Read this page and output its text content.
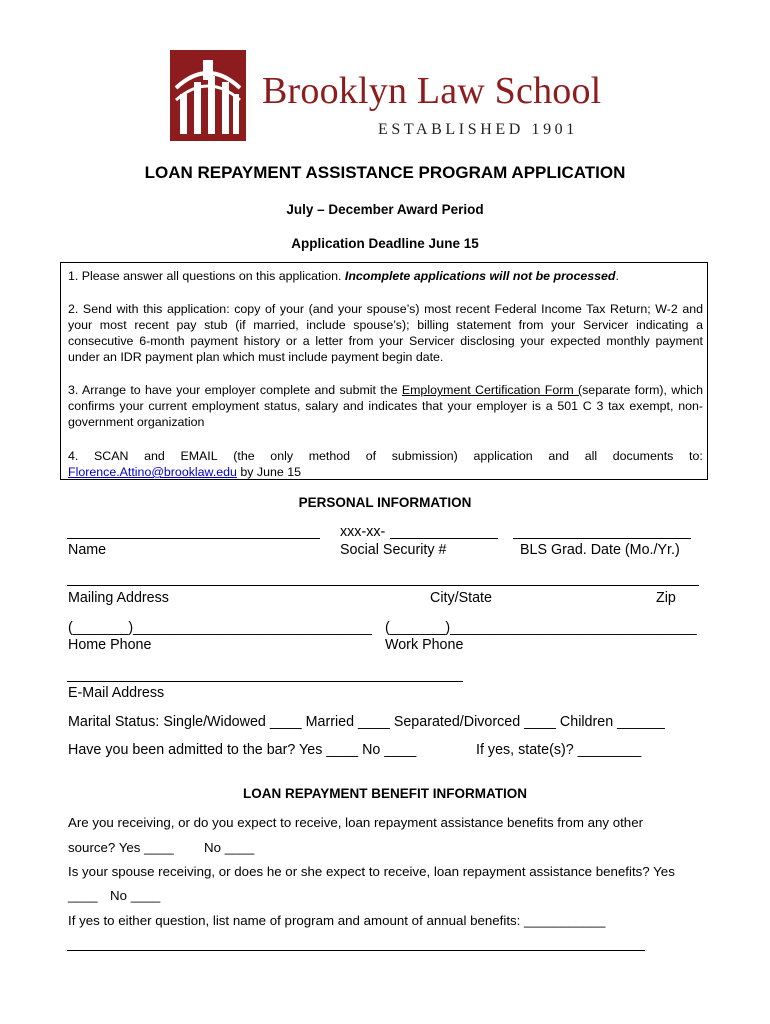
Brooklyn Law School
ESTABLISHED 1901
LOAN REPAYMENT ASSISTANCE PROGRAM APPLICATION
July – December Award Period
Application Deadline June 15

1. Please answer all questions on this application. Incomplete applications will not be processed.

2. Send with this application: copy of your (and your spouse’s) most recent Federal Income Tax Return; W-2 and your most recent pay stub (if married, include spouse’s); billing statement from your Servicer indicating a consecutive 6-month payment history or a letter from your Servicer disclosing your expected monthly payment under an IDR payment plan which must include payment begin date.

3. Arrange to have your employer complete and submit the Employment Certification Form (separate form), which confirms your current employment status, salary and indicates that your employer is a 501 C 3 tax exempt, non-government organization

4. SCAN and EMAIL (the only method of submission) application and all documents to:
Florence.Attino@brooklaw.edu by June 15
PERSONAL INFORMATION
xxx-xx-
Name	Social Security #	BLS Grad. Date (Mo./Yr.)
Mailing Address	City/State	Zip
(_______)______________________________ (_______)_______________________________
Home Phone	Work Phone
E-Mail Address
Marital Status: Single/Widowed ____ Married ____ Separated/Divorced ____ Children ______
Have you been admitted to the bar? Yes ____ No ____	If yes, state(s)? ________
LOAN REPAYMENT BENEFIT INFORMATION
Are you receiving, or do you expect to receive, loan repayment assistance benefits from any other
source? Yes ____ No ____
Is your spouse receiving, or does he or she expect to receive, loan repayment assistance benefits? Yes
____ No ____
If yes to either question, list name of program and amount of annual benefits: ___________
